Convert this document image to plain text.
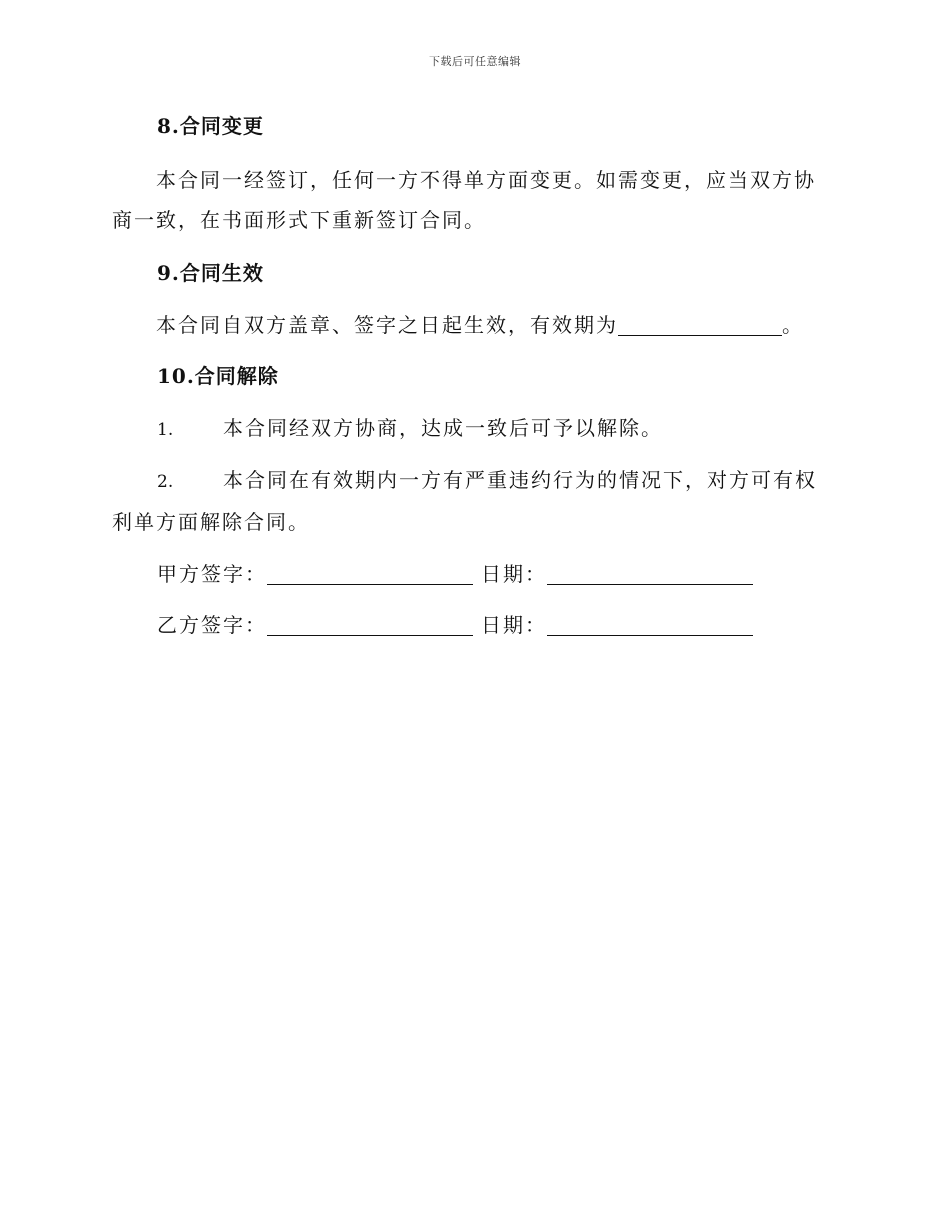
下载后可任意编辑
8.合同变更
本合同一经签订，任何一方不得单方面变更。如需变更，应当双方协商一致，在书面形式下重新签订合同。
9.合同生效
本合同自双方盖章、签字之日起生效，有效期为	。
10.合同解除
1. 本合同经双方协商，达成一致后可予以解除。
2. 本合同在有效期内一方有严重违约行为的情况下，对方可有权利单方面解除合同。
甲方签字：	日期：
乙方签字：	日期：
